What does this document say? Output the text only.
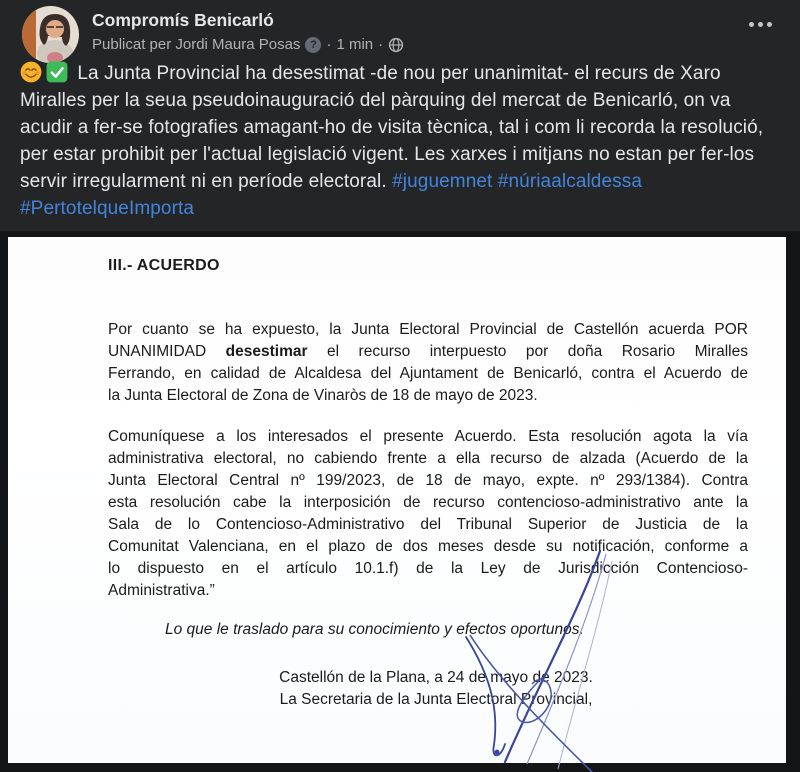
Compromís Benicarló
Publicat per Jordi Maura Posas ? · 1 min ·
La Junta Provincial ha desestimat -de nou per unanimitat- el recurs de Xaro Miralles per la seua pseudoinauguració del pàrquing del mercat de Benicarló, on va acudir a fer-se fotografies amagant-ho de visita tècnica, tal i com li recorda la resolució, per estar prohibit per l'actual legislació vigent. Les xarxes i mitjans no estan per fer-los servir irregularment ni en període electoral. #juguemnet #núriaalcaldessa #PertotelqueImporta
III.- ACUERDO
Por cuanto se ha expuesto, la Junta Electoral Provincial de Castellón acuerda POR
UNANIMIDAD desestimar el recurso interpuesto por doña Rosario Miralles
Ferrando, en calidad de Alcaldesa del Ajuntament de Benicarló, contra el Acuerdo de
la Junta Electoral de Zona de Vinaròs de 18 de mayo de 2023.
Comuníquese a los interesados el presente Acuerdo. Esta resolución agota la vía
administrativa electoral, no cabiendo frente a ella recurso de alzada (Acuerdo de la
Junta Electoral Central nº 199/2023, de 18 de mayo, expte. nº 293/1384). Contra
esta resolución cabe la interposición de recurso contencioso-administrativo ante la
Sala de lo Contencioso-Administrativo del Tribunal Superior de Justicia de la
Comunitat Valenciana, en el plazo de dos meses desde su notificación, conforme a
lo dispuesto en el artículo 10.1.f) de la Ley de Jurisdicción Contencioso-
Administrativa.”
Lo que le traslado para su conocimiento y efectos oportunos.
Castellón de la Plana, a 24 de mayo de 2023.
La Secretaria de la Junta Electoral Provincial,
